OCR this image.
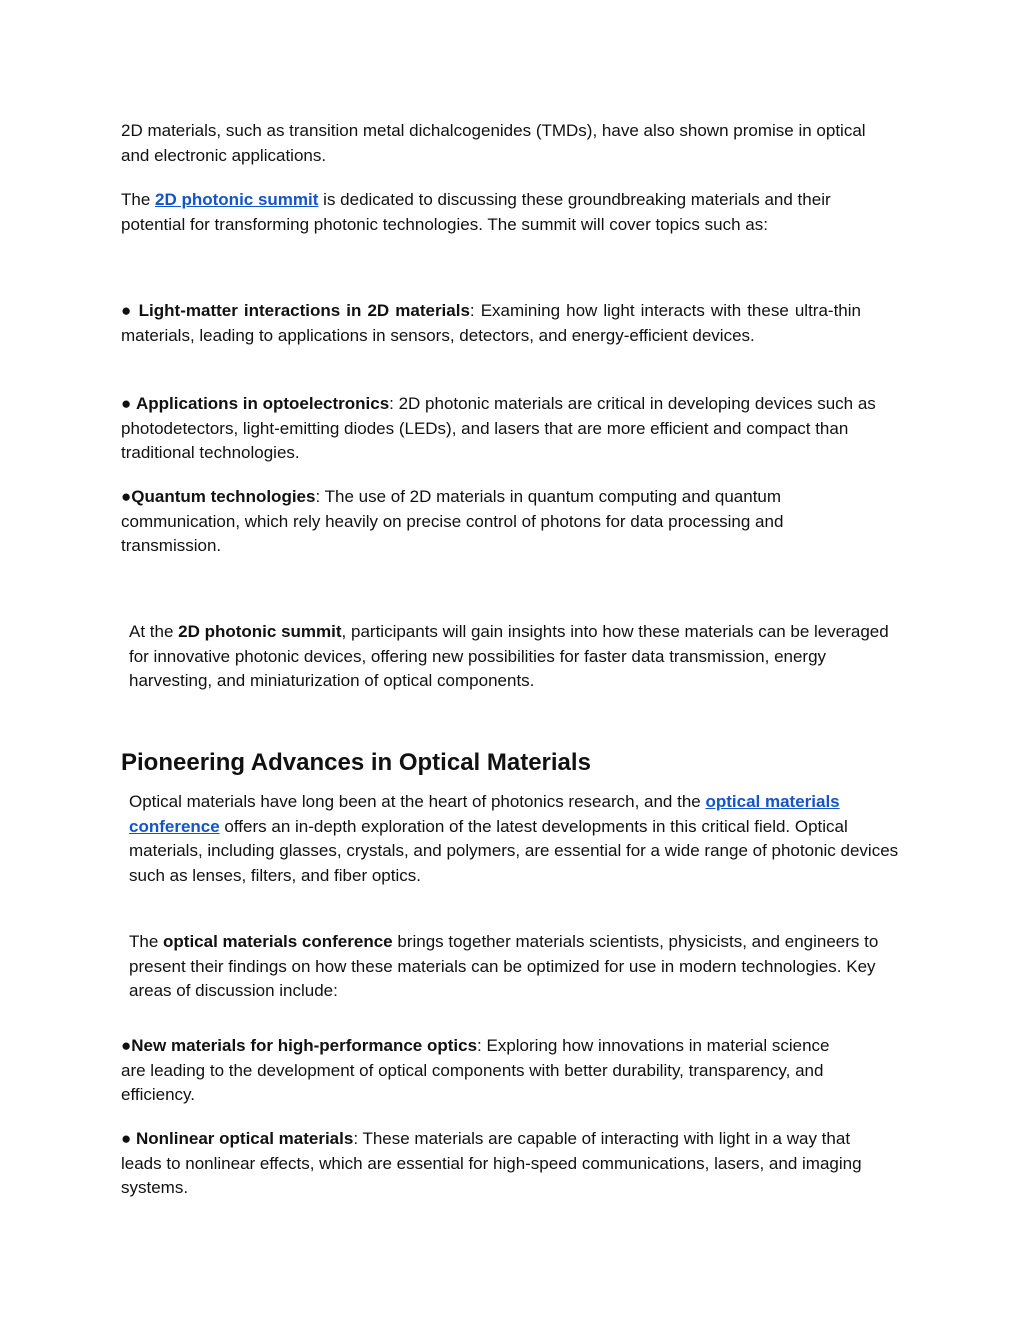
2D materials, such as transition metal dichalcogenides (TMDs), have also shown promise in optical and electronic applications.

The 2D photonic summit is dedicated to discussing these groundbreaking materials and their potential for transforming photonic technologies. The summit will cover topics such as:

● Light-matter interactions in 2D materials: Examining how light interacts with these ultra-thin materials, leading to applications in sensors, detectors, and energy-efficient devices.

● Applications in optoelectronics: 2D photonic materials are critical in developing devices such as photodetectors, light-emitting diodes (LEDs), and lasers that are more efficient and compact than traditional technologies.

●Quantum technologies: The use of 2D materials in quantum computing and quantum communication, which rely heavily on precise control of photons for data processing and transmission.

At the 2D photonic summit, participants will gain insights into how these materials can be leveraged for innovative photonic devices, offering new possibilities for faster data transmission, energy harvesting, and miniaturization of optical components.

Pioneering Advances in Optical Materials

Optical materials have long been at the heart of photonics research, and the optical materials conference offers an in-depth exploration of the latest developments in this critical field. Optical materials, including glasses, crystals, and polymers, are essential for a wide range of photonic devices such as lenses, filters, and fiber optics.

The optical materials conference brings together materials scientists, physicists, and engineers to present their findings on how these materials can be optimized for use in modern technologies. Key areas of discussion include:

●New materials for high-performance optics: Exploring how innovations in material science are leading to the development of optical components with better durability, transparency, and efficiency.

● Nonlinear optical materials: These materials are capable of interacting with light in a way that leads to nonlinear effects, which are essential for high-speed communications, lasers, and imaging systems.
